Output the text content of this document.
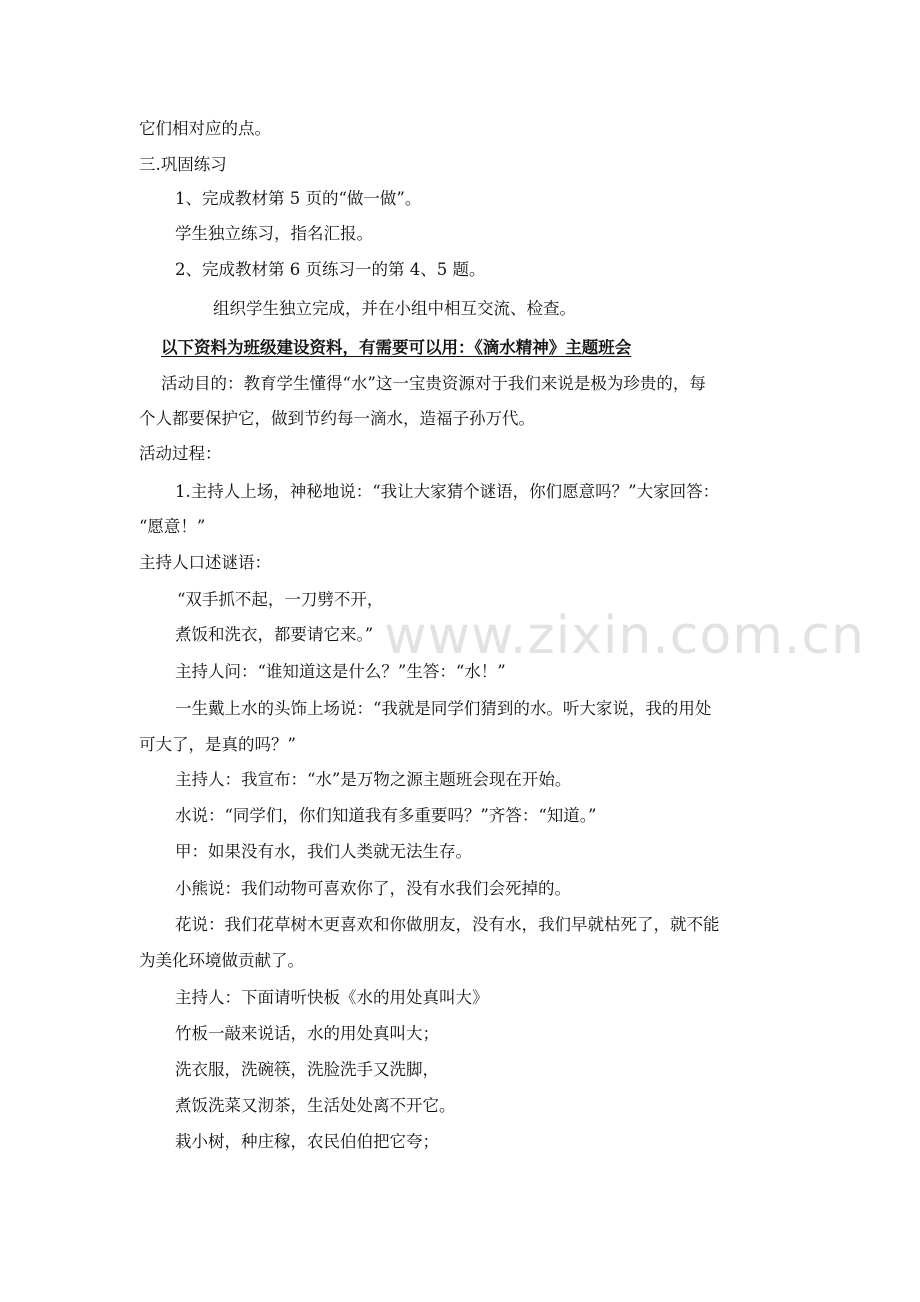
它们相对应的点。
三.巩固练习
1、完成教材第 5 页的“做一做”。
学生独立练习，指名汇报。
2、完成教材第 6 页练习一的第 4、5 题。
组织学生独立完成，并在小组中相互交流、检查。
以下资料为班级建设资料，有需要可以用：《滴水精神》主题班会
活动目的：教育学生懂得“水”这一宝贵资源对于我们来说是极为珍贵的，每
个人都要保护它，做到节约每一滴水，造福子孙万代。
活动过程：
1.主持人上场，神秘地说：“我让大家猜个谜语，你们愿意吗？”大家回答：
“愿意！”
主持人口述谜语：
“双手抓不起，一刀劈不开，
煮饭和洗衣，都要请它来。”
主持人问：“谁知道这是什么？”生答：“水！”
一生戴上水的头饰上场说：“我就是同学们猜到的水。听大家说，我的用处
可大了，是真的吗？”
主持人：我宣布：“水”是万物之源主题班会现在开始。
水说：“同学们，你们知道我有多重要吗？”齐答：“知道。”
甲：如果没有水，我们人类就无法生存。
小熊说：我们动物可喜欢你了，没有水我们会死掉的。
花说：我们花草树木更喜欢和你做朋友，没有水，我们早就枯死了，就不能
为美化环境做贡献了。
主持人：下面请听快板《水的用处真叫大》
竹板一敲来说话，水的用处真叫大；
洗衣服，洗碗筷，洗脸洗手又洗脚，
煮饭洗菜又沏茶，生活处处离不开它。
栽小树，种庄稼，农民伯伯把它夸；
www.zixin.com.cn
